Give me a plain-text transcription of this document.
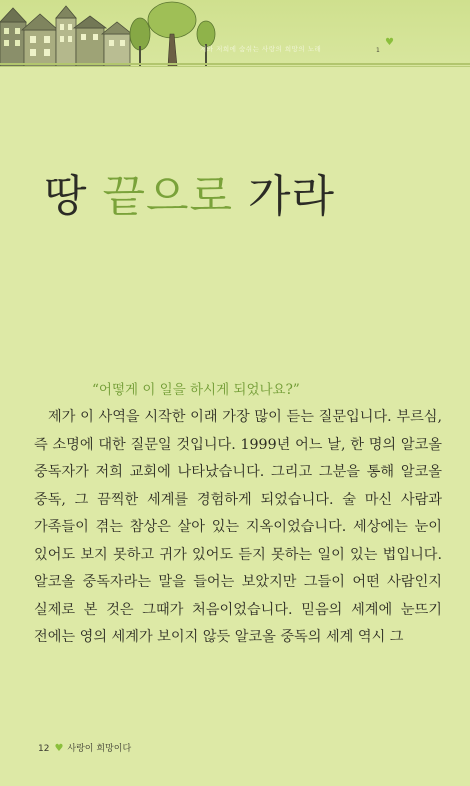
저와 저희에 숨쉬는 사랑의 희망의 노래
♥
1
땅 끝으로 가라

“어떻게 이 일을 하시게 되었나요?”

제가 이 사역을 시작한 이래 가장 많이 듣는 질문입니다. 부르심, 즉 소명에 대한 질문일 것입니다. 1999년 어느 날, 한 명의 알코올 중독자가 저희 교회에 나타났습니다. 그리고 그분을 통해 알코올 중독, 그 끔찍한 세계를 경험하게 되었습니다. 술 마신 사람과 가족들이 겪는 참상은 살아 있는 지옥이었습니다. 세상에는 눈이 있어도 보지 못하고 귀가 있어도 듣지 못하는 일이 있는 법입니다. 알코올 중독자라는 말을 들어는 보았지만 그들이 어떤 사람인지 실제로 본 것은 그때가 처음이었습니다. 믿음의 세계에 눈뜨기 전에는 영의 세계가 보이지 않듯 알코올 중독의 세계 역시 그

12 ♥ 사랑이 희망이다
